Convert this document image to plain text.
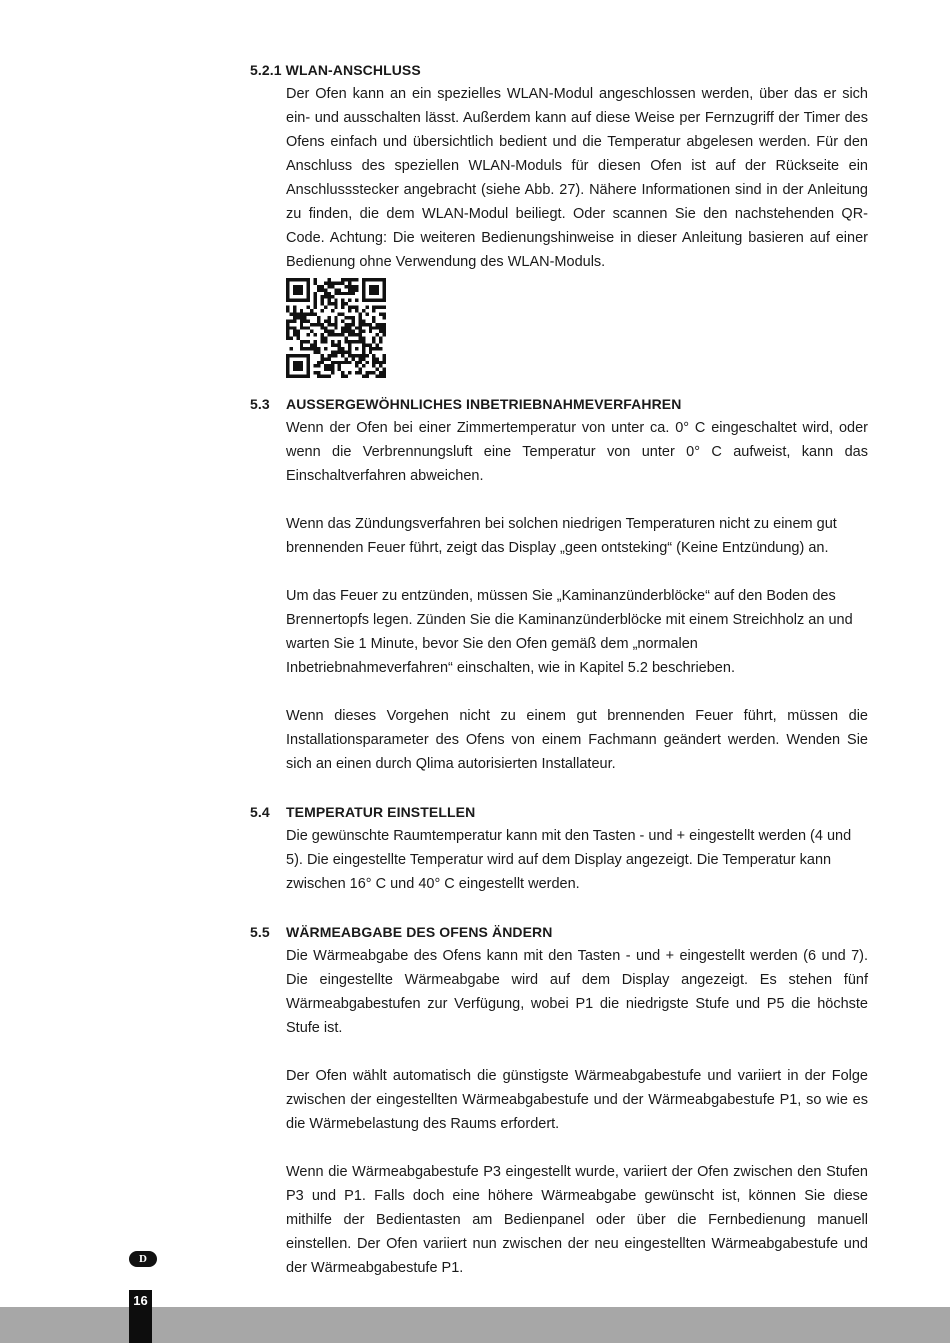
5.2.1 WLAN-ANSCHLUSS

Der Ofen kann an ein spezielles WLAN-Modul angeschlossen werden, über das er sich ein- und ausschalten lässt. Außerdem kann auf diese Weise per Fernzugriff der Timer des Ofens einfach und übersichtlich bedient und die Temperatur abgelesen werden. Für den Anschluss des speziellen WLAN-Moduls für diesen Ofen ist auf der Rückseite ein Anschlussstecker angebracht (siehe Abb. 27). Nähere Informationen sind in der Anleitung zu finden, die dem WLAN-Modul beiliegt. Oder scannen Sie den nachstehenden QR-Code. Achtung: Die weiteren Bedienungshinweise in dieser Anleitung basieren auf einer Bedienung ohne Verwendung des WLAN-Moduls.

5.3	AUSSERGEWÖHNLICHES INBETRIEBNAHMEVERFAHREN

Wenn der Ofen bei einer Zimmertemperatur von unter ca. 0° C eingeschaltet wird, oder wenn die Verbrennungsluft eine Temperatur von unter 0° C aufweist, kann das Einschaltverfahren abweichen.

Wenn das Zündungsverfahren bei solchen niedrigen Temperaturen nicht zu einem gut brennenden Feuer führt, zeigt das Display „geen ontsteking“ (Keine Entzündung) an.

Um das Feuer zu entzünden, müssen Sie „Kaminanzünderblöcke“ auf den Boden des Brennertopfs legen. Zünden Sie die Kaminanzünderblöcke mit einem Streichholz an und warten Sie 1 Minute, bevor Sie den Ofen gemäß dem „normalen Inbetriebnahmeverfahren“ einschalten, wie in Kapitel 5.2 beschrieben.

Wenn dieses Vorgehen nicht zu einem gut brennenden Feuer führt, müssen die Installationsparameter des Ofens von einem Fachmann geändert werden. Wenden Sie sich an einen durch Qlima autorisierten Installateur.

5.4	TEMPERATUR EINSTELLEN

Die gewünschte Raumtemperatur kann mit den Tasten - und + eingestellt werden (4 und 5). Die eingestellte Temperatur wird auf dem Display angezeigt. Die Temperatur kann zwischen 16° C und 40° C eingestellt werden.

5.5	WÄRMEABGABE DES OFENS ÄNDERN

Die Wärmeabgabe des Ofens kann mit den Tasten - und + eingestellt werden (6 und 7). Die eingestellte Wärmeabgabe wird auf dem Display angezeigt. Es stehen fünf Wärmeabgabestufen zur Verfügung, wobei P1 die niedrigste Stufe und P5 die höchste Stufe ist.

Der Ofen wählt automatisch die günstigste Wärmeabgabestufe und variiert in der Folge zwischen der eingestellten Wärmeabgabestufe und der Wärmeabgabestufe P1, so wie es die Wärmebelastung des Raums erfordert.

Wenn die Wärmeabgabestufe P3 eingestellt wurde, variiert der Ofen zwischen den Stufen P3 und P1. Falls doch eine höhere Wärmeabgabe gewünscht ist, können Sie diese mithilfe der Bedientasten am Bedienpanel oder über die Fernbedienung manuell einstellen. Der Ofen variiert nun zwischen der neu eingestellten Wärmeabgabestufe und der Wärmeabgabestufe P1.

D
16
